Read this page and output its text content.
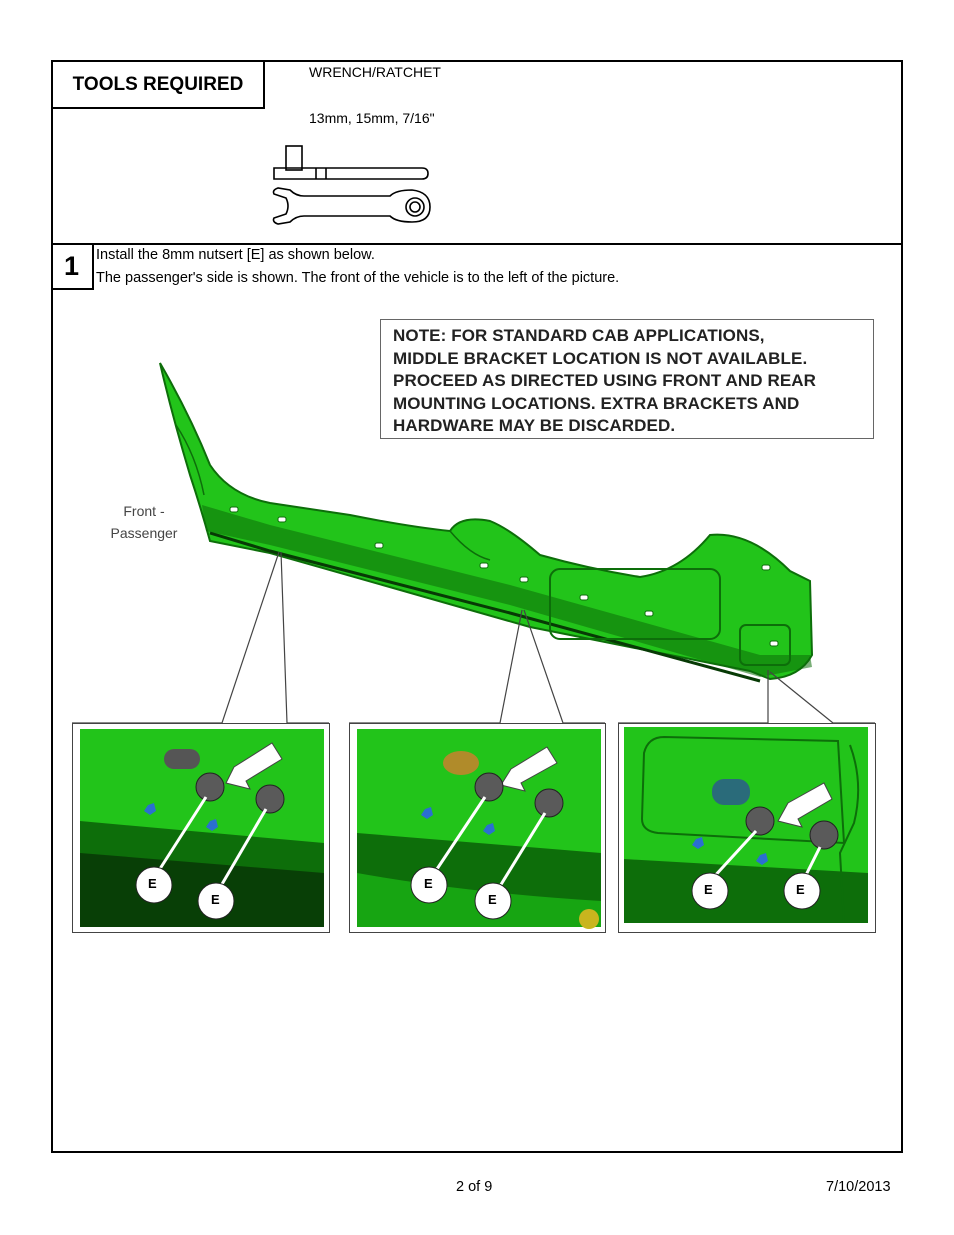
TOOLS REQUIRED
WRENCH/RATCHET
13mm, 15mm, 7/16"
1	Install the 8mm nutsert [E] as shown below.
The passenger's side is shown. The front of the vehicle is to the left of the picture.
NOTE: FOR STANDARD CAB APPLICATIONS,
MIDDLE BRACKET LOCATION IS NOT AVAILABLE.
PROCEED AS DIRECTED USING FRONT AND REAR
MOUNTING LOCATIONS. EXTRA BRACKETS AND
HARDWARE MAY BE DISCARDED.
Front -
Passenger
E
E
E
E
E	E
2 of 9	7/10/2013
